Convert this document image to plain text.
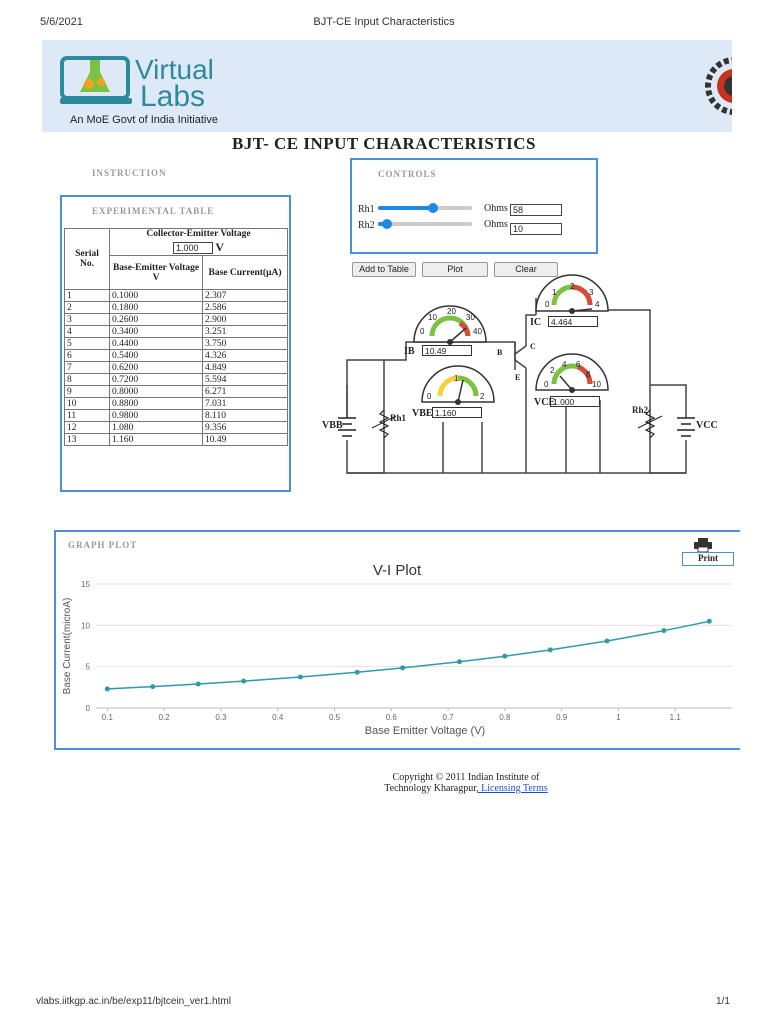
5/6/2021	BJT-CE Input Characteristics
Virtual
Labs
An MoE Govt of India Initiative
BJT- CE INPUT CHARACTERISTICS
INSTRUCTION
EXPERIMENTAL TABLE
Serial No.	Collector-Emitter Voltage
1.000 V	

	Base-Emitter Voltage
V	Base Current(μA)
1	0.1000	2.307
2	0.1800	2.586
3	0.2600	2.900
4	0.3400	3.251
5	0.4400	3.750
6	0.5400	4.326
7	0.6200	4.849
8	0.7200	5.594
9	0.8000	6.271
10	0.8800	7.031
11	0.9800	8.110
12	1.080	9.356
13	1.160	10.49
CONTROLS
Rh1	Ohms 58
Rh2	Ohms 10
Add to Table	Plot	Clear
10
20
30
0	40
1
2
3
0	4
1
0	2
2
4 6
8
0	10
10.49
4.464
1.160
1.000
IB
IC
VBE
VCE
VBB	VCC
Rh1
Rh2
B
C
E
GRAPH PLOT
Print
V-I Plot
Base Emitter Voltage (V)
Base Current(microA)
0
5
10
15
0.1	0.2	0.3	0.4	0.5	0.6	0.7	0.8	0.9	1	1.1
Copyright © 2011 Indian Institute of
Technology Kharagpur, Licensing Terms
vlabs.iitkgp.ac.in/be/exp11/bjtcein_ver1.html	1/1
